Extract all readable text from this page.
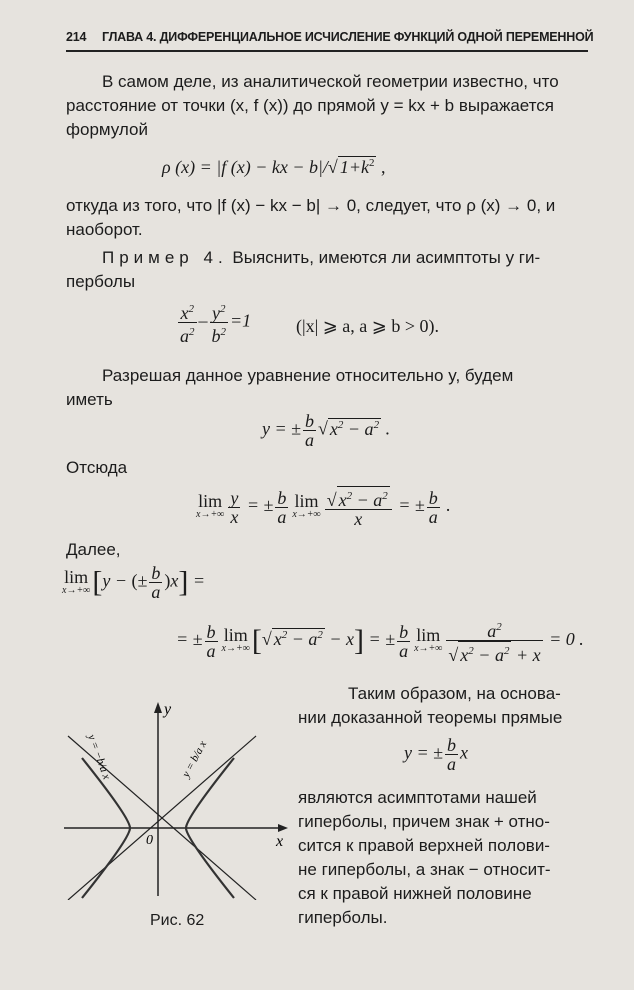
214 ГЛАВА 4. ДИФФЕРЕНЦИАЛЬНОЕ ИСЧИСЛЕНИЕ ФУНКЦИЙ ОДНОЙ ПЕРЕМЕННОЙ
В самом деле, из аналитической геометрии известно, что
расстояние от точки (x, f (x)) до прямой y = kx + b выражается
формулой
ρ (x) = |f (x) − kx − b|/√ $1+k^2$ ,
откуда из того, что |f (x) − kx − b| → 0, следует, что ρ (x) → 0, и
наоборот.
Пример 4. Выяснить, имеются ли асимптоты у ги-
перболы
$\frac{x^2}{a^2} - \frac{y^2}{b^2} =1$ (|x| ⩾ a, a ⩾ b > 0).
Разрешая данное уравнение относительно y, будем
иметь
y = ± $\frac{b}{a}$ √ $x^2 - a^2$ .
Отсюда
lim
$x\to+\infty \frac{y}{x}$ = ± $\frac{b}{a}$ lim
$x\to+\infty \frac{√ x^2 - a^2}{x}$ = ± $\frac{b}{a}$ .
Далее,
lim
x→+∞ [y − (± $\frac{b}{a} )x$] =
= ± $\frac{b}{a}$ lim
x→+∞ [√ $x^2 - a^2 - x$] = ± $\frac{b}{a}$ lim
$x\to+\infty \frac{a^2}{√ x^2 - a^2 + x} = 0$ .
y
x
0
y = −b/a x	y = b/a x
Рис. 62
Таким образом, на основа-
нии доказанной теоремы прямые
y = ± $\frac{b}{a}$ x
являются асимптотами нашей
гиперболы, причем знак + отно-
сится к правой верхней полови-
не гиперболы, а знак − относит-
ся к правой нижней половине
гиперболы.
